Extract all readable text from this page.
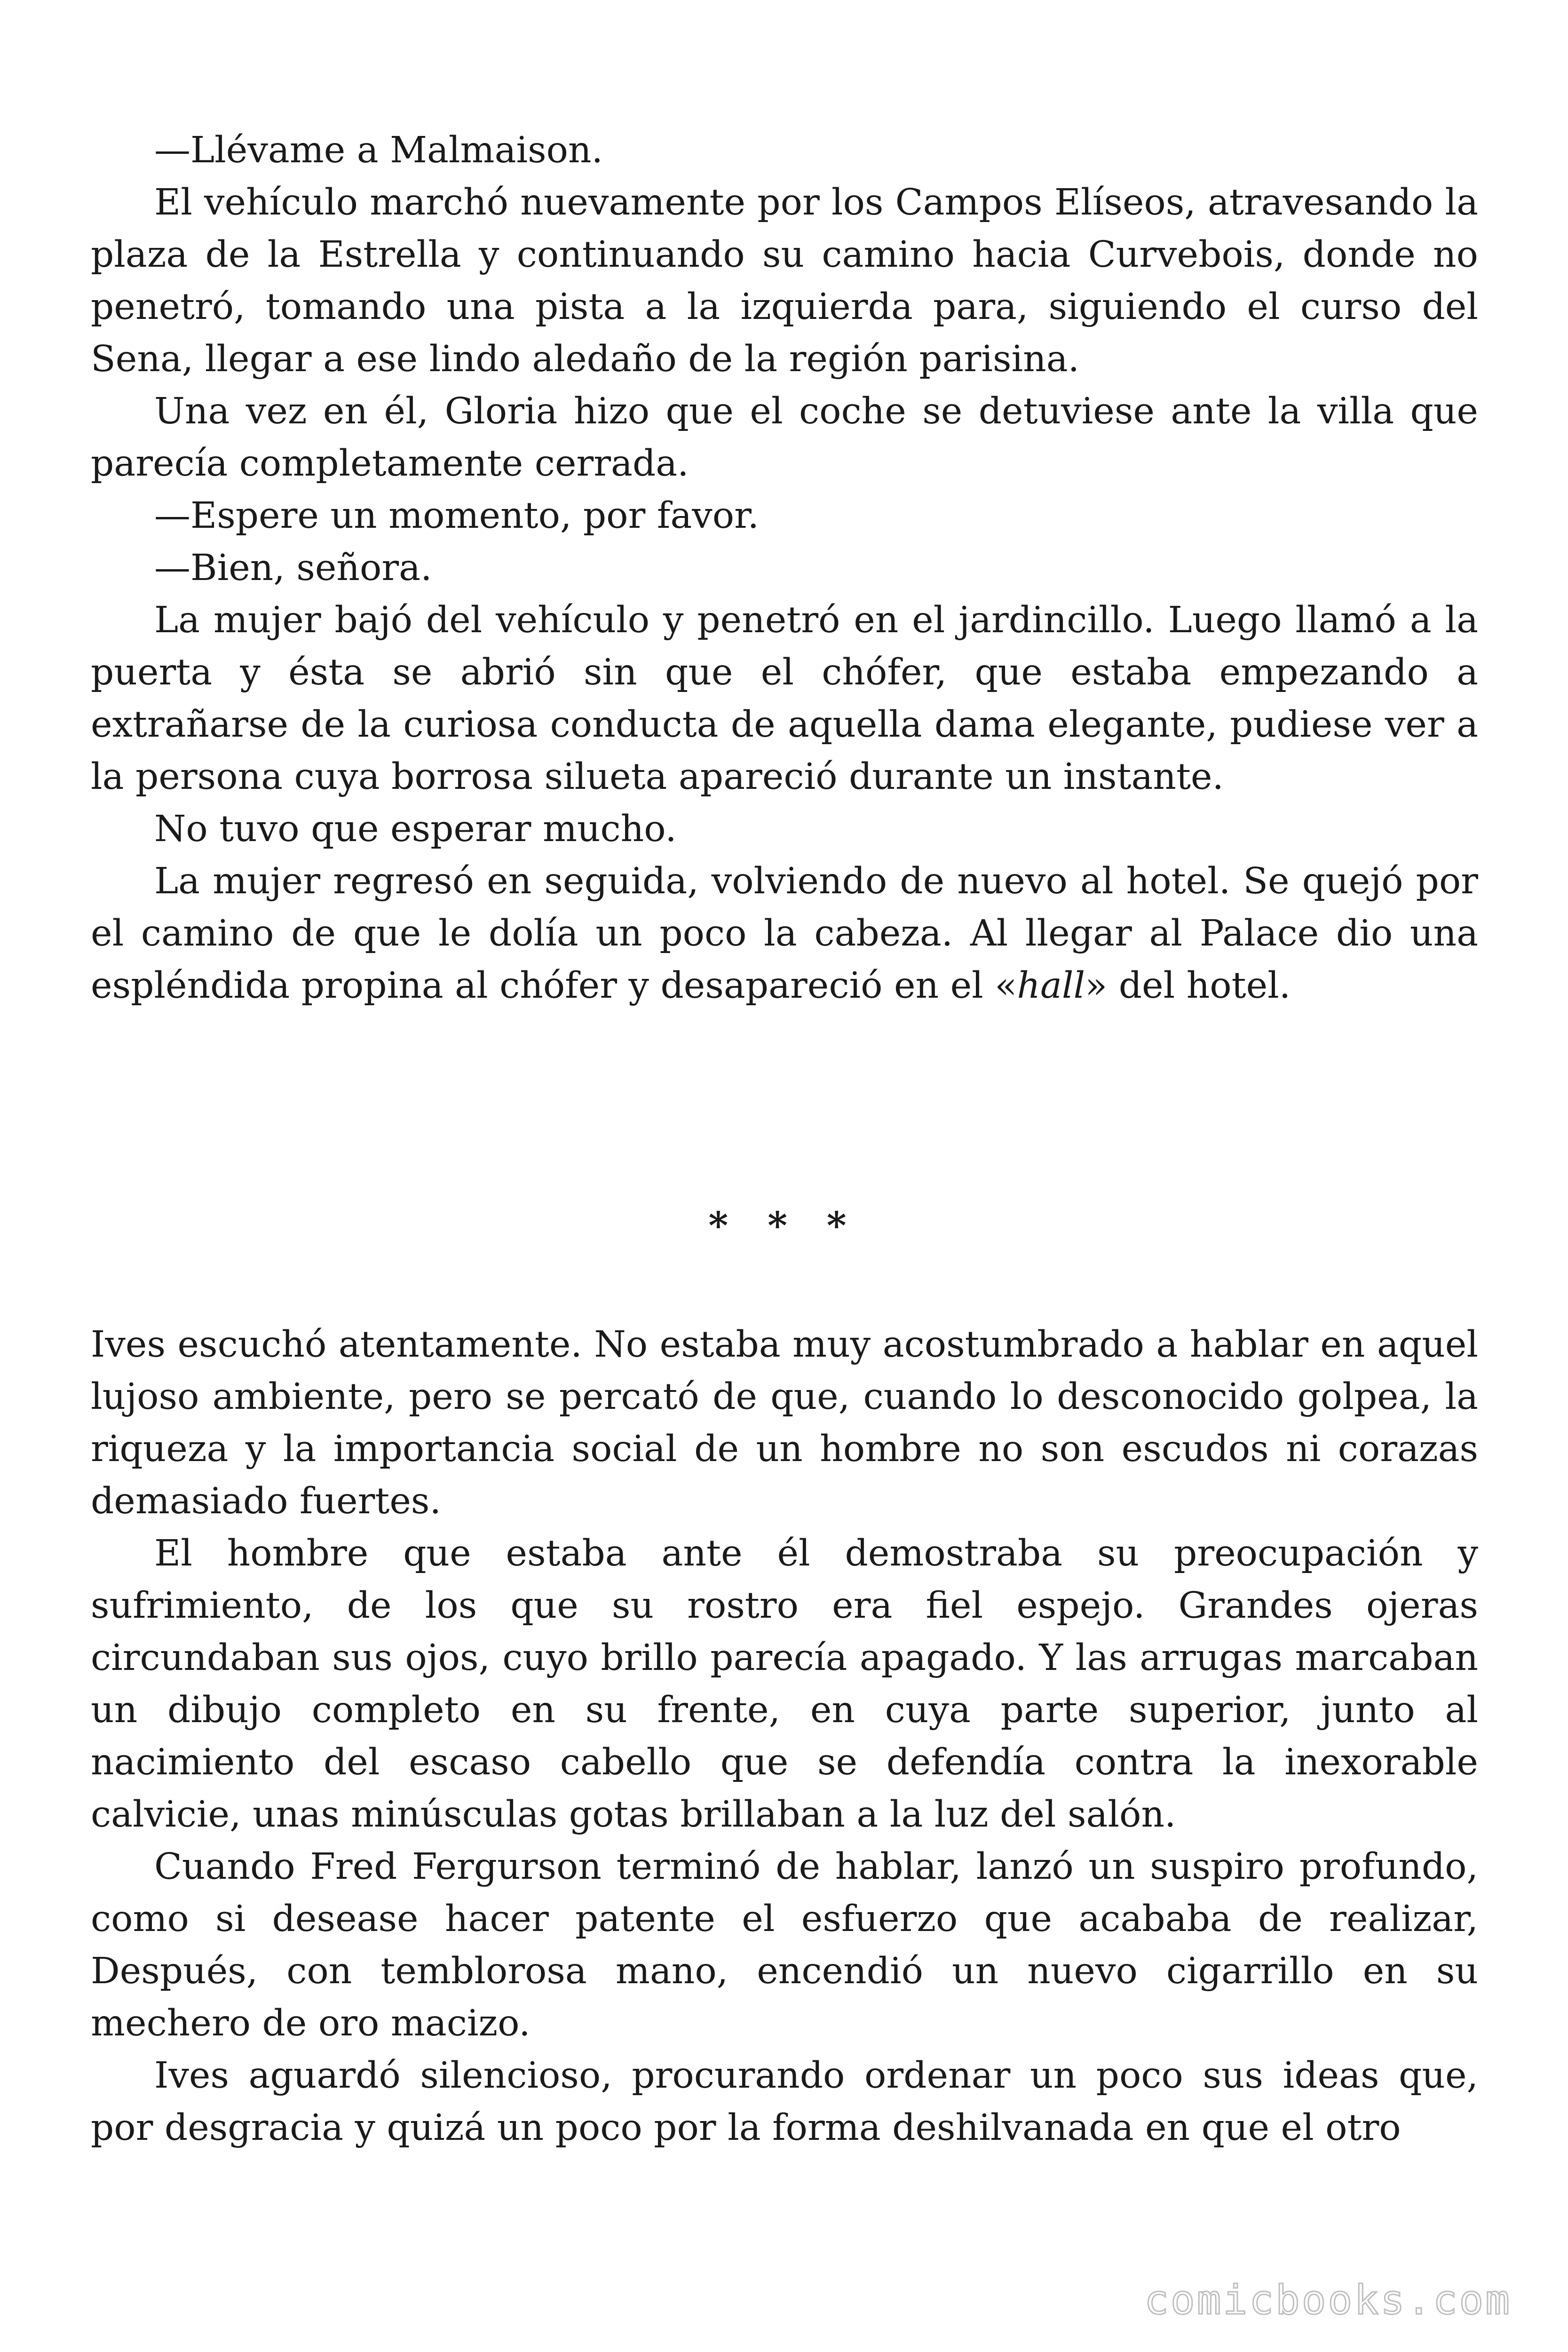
—Llévame a Malmaison.

El vehículo marchó nuevamente por los Campos Elíseos, atravesando la plaza de la Estrella y continuando su camino hacia Curvebois, donde no penetró, tomando una pista a la izquierda para, siguiendo el curso del Sena, llegar a ese lindo aledaño de la región parisina.

Una vez en él, Gloria hizo que el coche se detuviese ante la villa que parecía completamente cerrada.

—Espere un momento, por favor.

—Bien, señora.

La mujer bajó del vehículo y penetró en el jardincillo. Luego llamó a la puerta y ésta se abrió sin que el chófer, que estaba empezando a extrañarse de la curiosa conducta de aquella dama elegante, pudiese ver a la persona cuya borrosa silueta apareció durante un instante.

No tuvo que esperar mucho.

La mujer regresó en seguida, volviendo de nuevo al hotel. Se quejó por el camino de que le dolía un poco la cabeza. Al llegar al Palace dio una espléndida propina al chófer y desapareció en el «hall» del hotel.

* * *

Ives escuchó atentamente. No estaba muy acostumbrado a hablar en aquel lujoso ambiente, pero se percató de que, cuando lo desconocido golpea, la riqueza y la importancia social de un hombre no son escudos ni corazas demasiado fuertes.

El hombre que estaba ante él demostraba su preocupación y sufrimiento, de los que su rostro era fiel espejo. Grandes ojeras circundaban sus ojos, cuyo brillo parecía apagado. Y las arrugas marcaban un dibujo completo en su frente, en cuya parte superior, junto al nacimiento del escaso cabello que se defendía contra la inexorable calvicie, unas minúsculas gotas brillaban a la luz del salón.

Cuando Fred Fergurson terminó de hablar, lanzó un suspiro profundo, como si desease hacer patente el esfuerzo que acababa de realizar, Después, con temblorosa mano, encendió un nuevo cigarrillo en su mechero de oro macizo.

Ives aguardó silencioso, procurando ordenar un poco sus ideas que, por desgracia y quizá un poco por la forma deshilvanada en que el otro

comicbooks.com
